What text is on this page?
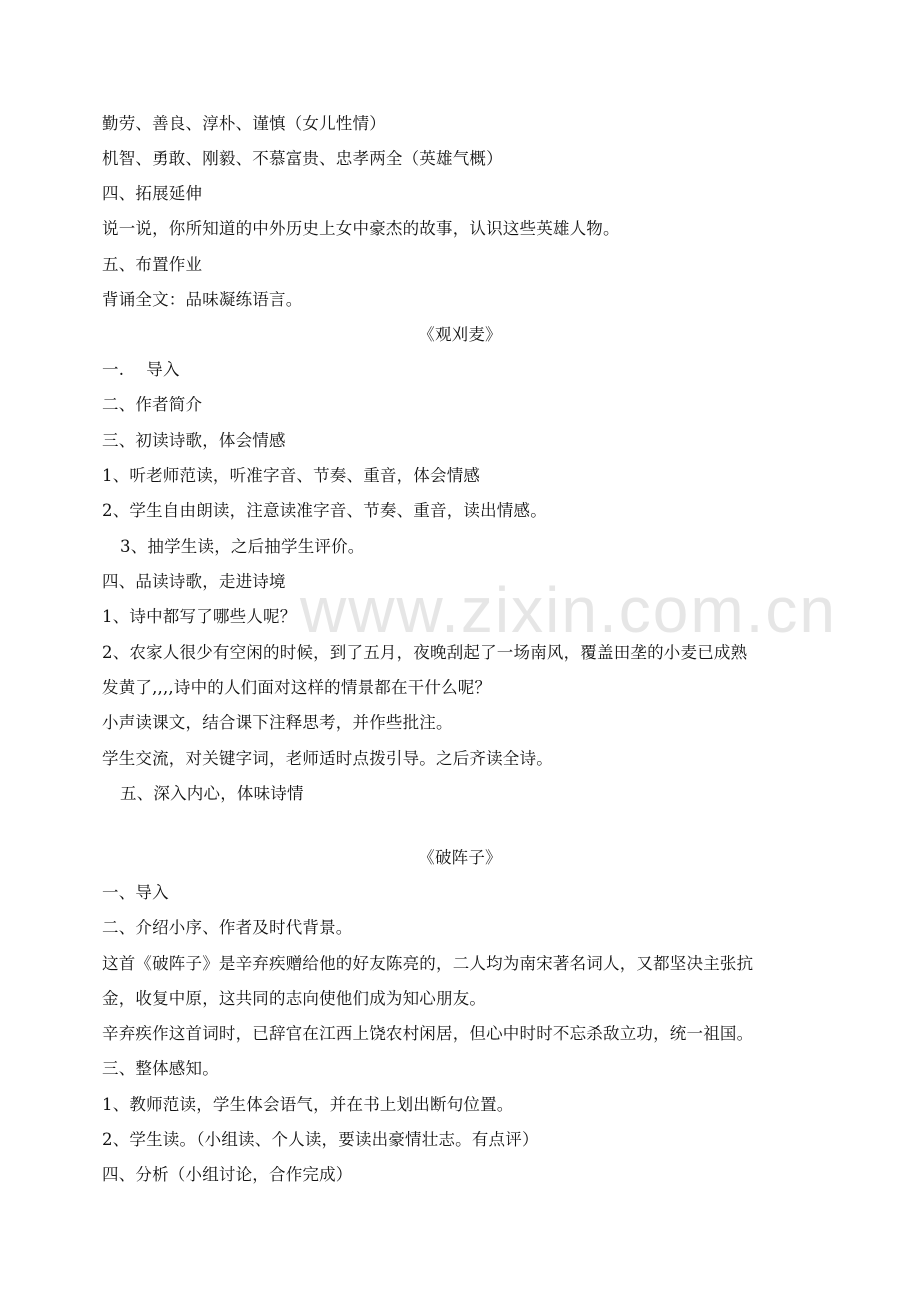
www.zixin.com.cn
勤劳、善良、淳朴、谨慎（女儿性情）
机智、勇敢、刚毅、不慕富贵、忠孝两全（英雄气概）
四、拓展延伸
说一说，你所知道的中外历史上女中豪杰的故事，认识这些英雄人物。
五、布置作业
背诵全文：品味凝练语言。
《观刈麦》
一.　 导入
二、作者简介
三、初读诗歌，体会情感
1、听老师范读，听准字音、节奏、重音，体会情感
2、学生自由朗读，注意读准字音、节奏、重音，读出情感。
3、抽学生读，之后抽学生评价。
四、品读诗歌，走进诗境
1、诗中都写了哪些人呢？
2、农家人很少有空闲的时候，到了五月，夜晚刮起了一场南风，覆盖田垄的小麦已成熟
发黄了,,,,诗中的人们面对这样的情景都在干什么呢？
小声读课文，结合课下注释思考，并作些批注。
学生交流，对关键字词，老师适时点拨引导。之后齐读全诗。
五、深入内心，体味诗情
《破阵子》
一、导入
二、介绍小序、作者及时代背景。
这首《破阵子》是辛弃疾赠给他的好友陈亮的，二人均为南宋著名词人，又都坚决主张抗
金，收复中原，这共同的志向使他们成为知心朋友。
辛弃疾作这首词时，已辞官在江西上饶农村闲居，但心中时时不忘杀敌立功，统一祖国。
三、整体感知。
1、教师范读，学生体会语气，并在书上划出断句位置。
2、学生读。（小组读、个人读，要读出豪情壮志。有点评）
四、分析（小组讨论，合作完成）
